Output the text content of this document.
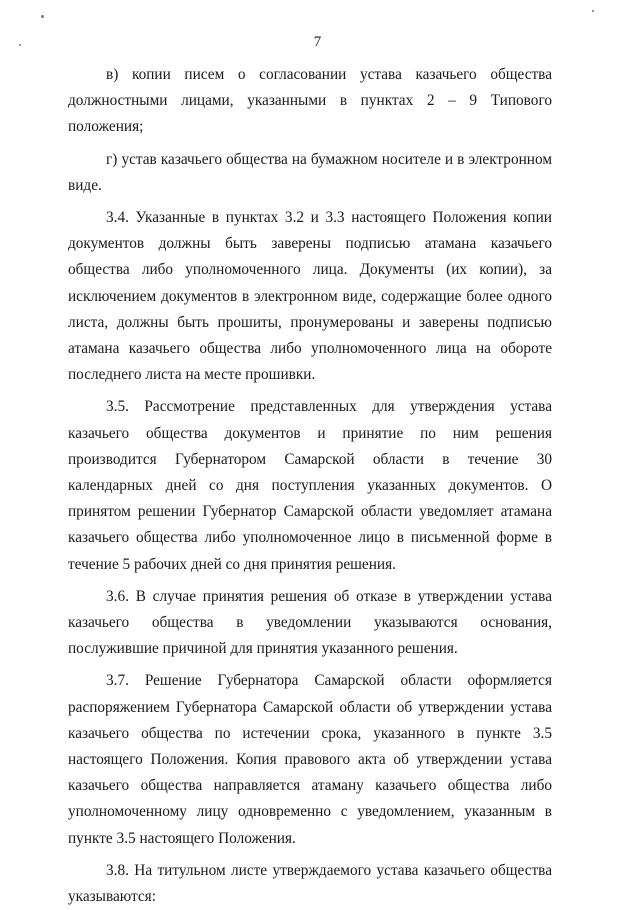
7

в) копии писем о согласовании устава казачьего общества должностными лицами, указанными в пунктах 2 – 9 Типового положения;

г) устав казачьего общества на бумажном носителе и в электронном виде.

3.4. Указанные в пунктах 3.2 и 3.3 настоящего Положения копии документов должны быть заверены подписью атамана казачьего общества либо уполномоченного лица. Документы (их копии), за исключением документов в электронном виде, содержащие более одного листа, должны быть прошиты, пронумерованы и заверены подписью атамана казачьего общества либо уполномоченного лица на обороте последнего листа на месте прошивки.

3.5. Рассмотрение представленных для утверждения устава казачьего общества документов и принятие по ним решения производится Губернатором Самарской области в течение 30 календарных дней со дня поступления указанных документов. О принятом решении Губернатор Самарской области уведомляет атамана казачьего общества либо уполномоченное лицо в письменной форме в течение 5 рабочих дней со дня принятия решения.

3.6. В случае принятия решения об отказе в утверждении устава казачьего общества в уведомлении указываются основания, послужившие причиной для принятия указанного решения.

3.7. Решение Губернатора Самарской области оформляется распоряжением Губернатора Самарской области об утверждении устава казачьего общества по истечении срока, указанного в пункте 3.5 настоящего Положения. Копия правового акта об утверждении устава казачьего общества направляется атаману казачьего общества либо уполномоченному лицу одновременно с уведомлением, указанным в пункте 3.5 настоящего Положения.

3.8. На титульном листе утверждаемого устава казачьего общества указываются:
